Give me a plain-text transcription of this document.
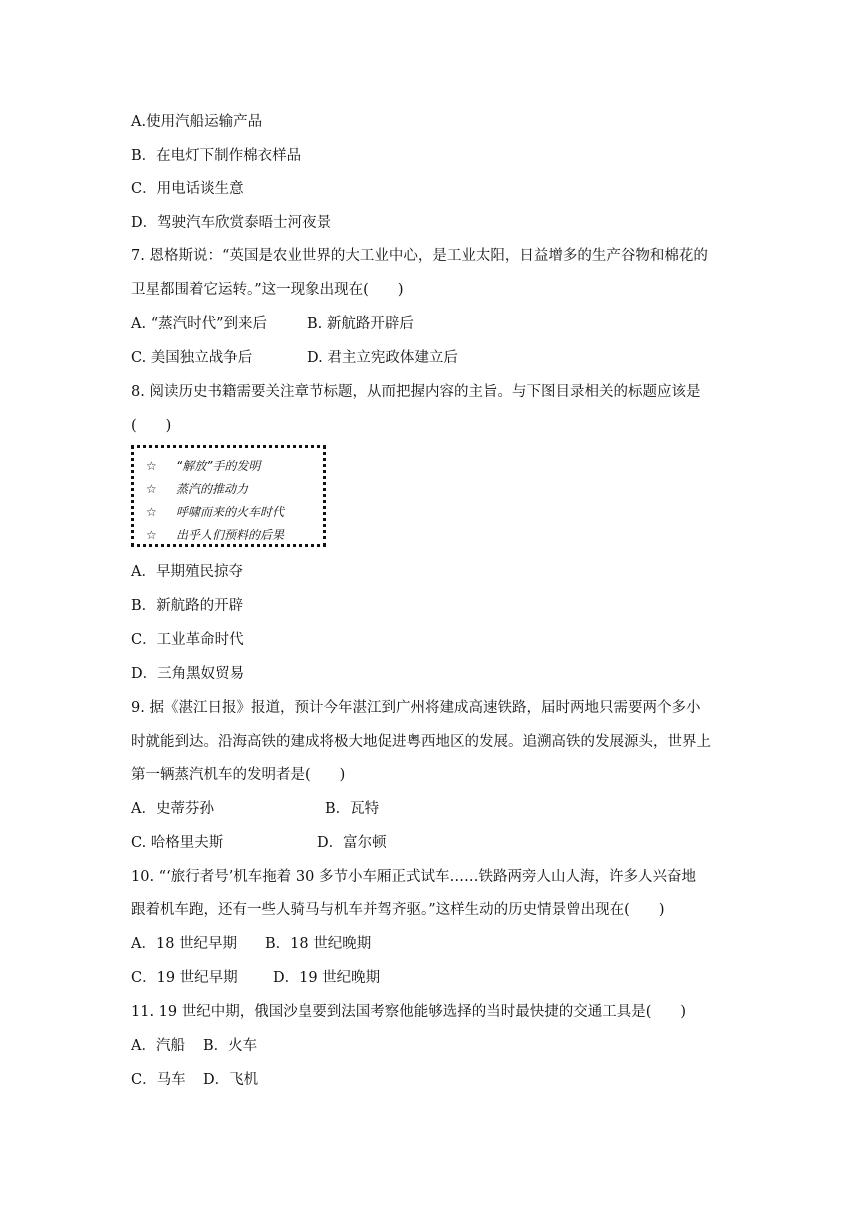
A.使用汽船运输产品
B．在电灯下制作棉衣样品
C．用电话谈生意
D．驾驶汽车欣赏泰晤士河夜景
7. 恩格斯说：“英国是农业世界的大工业中心，是工业太阳，日益增多的生产谷物和棉花的
卫星都围着它运转。”这一现象出现在(　　)
A. “蒸汽时代”到来后	B. 新航路开辟后
C. 美国独立战争后	D. 君主立宪政体建立后
8. 阅读历史书籍需要关注章节标题，从而把握内容的主旨。与下图目录相关的标题应该是
(　　)
☆ “解放”手的发明
☆ 蒸汽的推动力
☆ 呼啸而来的火车时代
☆ 出乎人们预料的后果
A．早期殖民掠夺
B．新航路的开辟
C．工业革命时代
D．三角黑奴贸易
9. 据《湛江日报》报道，预计今年湛江到广州将建成高速铁路，届时两地只需要两个多小
时就能到达。沿海高铁的建成将极大地促进粤西地区的发展。追溯高铁的发展源头，世界上
第一辆蒸汽机车的发明者是(　　)
A．史蒂芬孙	B．瓦特
C. 哈格里夫斯	D．富尔顿
10. “‘旅行者号’机车拖着 30 多节小车厢正式试车……铁路两旁人山人海，许多人兴奋地
跟着机车跑，还有一些人骑马与机车并驾齐驱。”这样生动的历史情景曾出现在(　　)
A．18 世纪早期 B．18 世纪晚期
C．19 世纪早期 D．19 世纪晚期
11. 19 世纪中期，俄国沙皇要到法国考察他能够选择的当时最快捷的交通工具是(　　)
A．汽船 B．火车
C．马车 D．飞机
